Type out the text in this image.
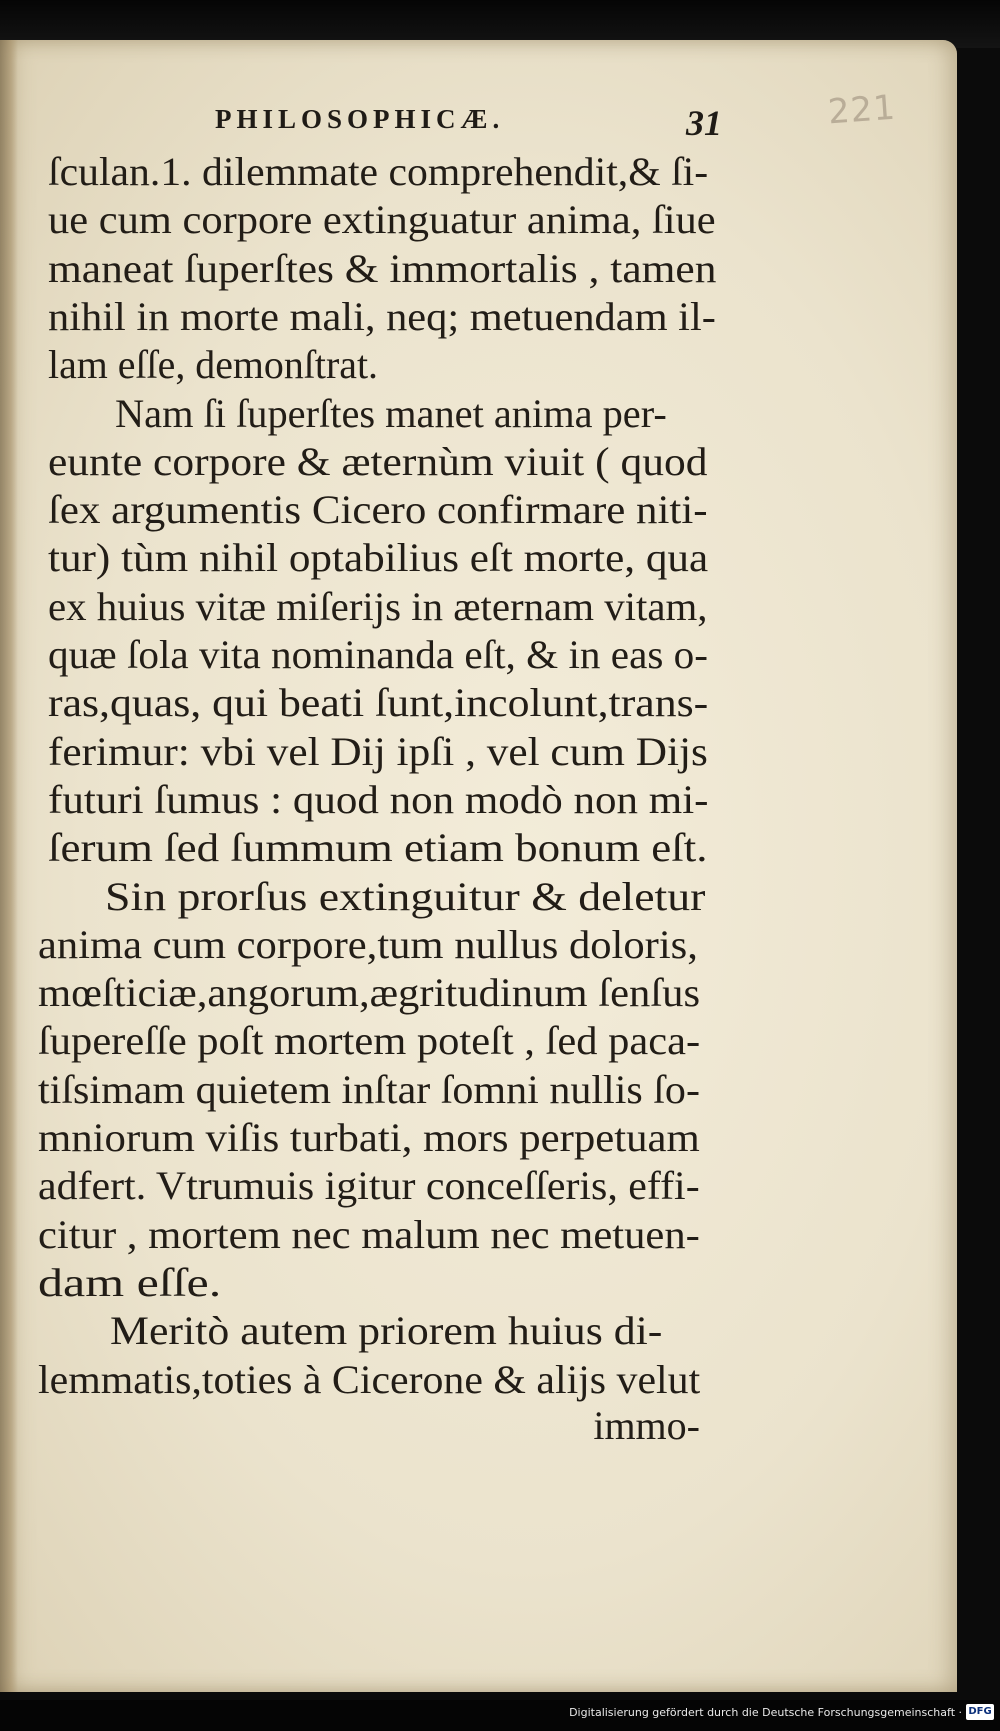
221
PHILOSOPHICÆ.	31
ſculan.1. dilemmate comprehendit,& ſi-
ue cum corpore extinguatur anima, ſiue
maneat ſuperſtes & immortalis , tamen
nihil in morte mali, neq; metuendam il-
lam eſſe, demonſtrat.
Nam ſi ſuperſtes manet anima per-
eunte corpore & æternùm viuit ( quod
ſex argumentis Cicero confirmare niti-
tur) tùm nihil optabilius eſt morte, qua
ex huius vitæ miſerijs in æternam vitam,
quæ ſola vita nominanda eſt, & in eas o-
ras,quas, qui beati ſunt,incolunt,trans-
ferimur: vbi vel Dij ipſi , vel cum Dijs
futuri ſumus : quod non modò non mi-
ſerum ſed ſummum etiam bonum eſt.
Sin prorſus extinguitur & deletur
anima cum corpore,tum nullus doloris,
mœſticiæ,angorum,ægritudinum ſenſus
ſupereſſe poſt mortem poteſt , ſed paca-
tiſsimam quietem inſtar ſomni nullis ſo-
mniorum viſis turbati, mors perpetuam
adfert. Vtrumuis igitur conceſſeris, effi-
citur , mortem nec malum nec metuen-
dam eſſe.
Meritò autem priorem huius di-
lemmatis,toties à Cicerone & alijs velut
immo-
Digitalisierung gefördert durch die Deutsche Forschungsgemeinschaft · DFG
